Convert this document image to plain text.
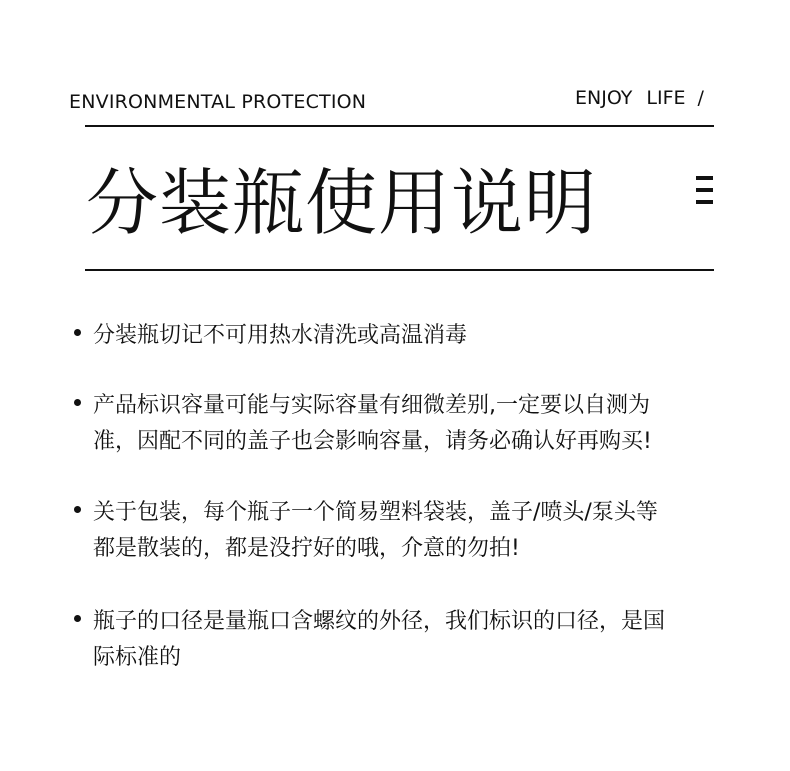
ENVIRONMENTAL PROTECTION	ENJOY LIFE /
分装瓶使用说明
分装瓶切记不可用热水清洗或高温消毒
产品标识容量可能与实际容量有细微差别,一定要以自测为
准，因配不同的盖子也会影响容量，请务必确认好再购买!
关于包装，每个瓶子一个简易塑料袋装，盖子/喷头/泵头等
都是散装的，都是没拧好的哦，介意的勿拍!
瓶子的口径是量瓶口含螺纹的外径，我们标识的口径，是国
际标准的
